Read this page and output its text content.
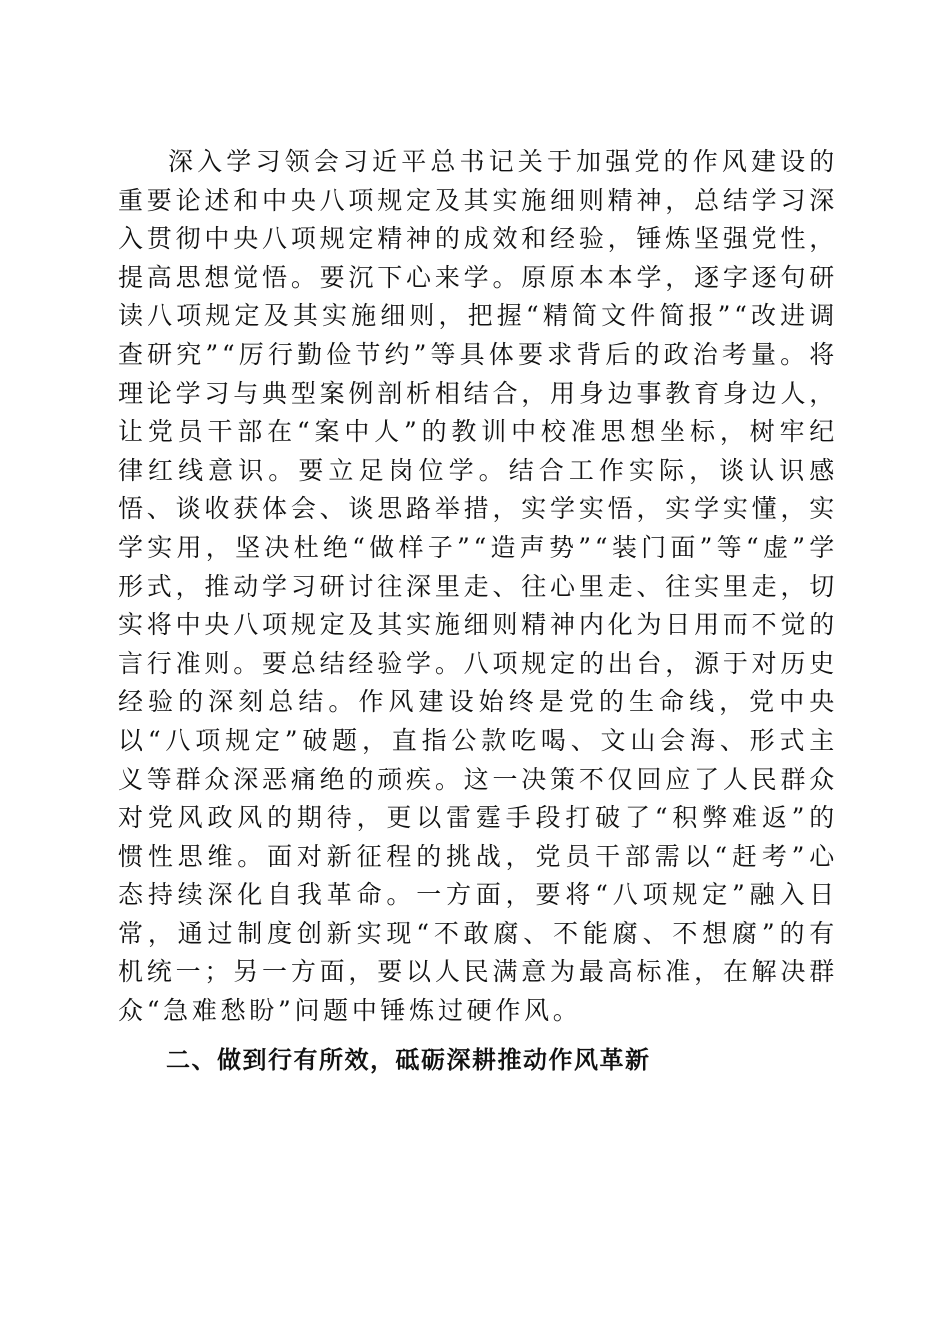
深入学习领会习近平总书记关于加强党的作风建设的重要论述和中央八项规定及其实施细则精神，总结学习深入贯彻中央八项规定精神的成效和经验，锤炼坚强党性，提高思想觉悟。要沉下心来学。原原本本学，逐字逐句研读八项规定及其实施细则，把握“精简文件简报”“改进调查研究”“厉行勤俭节约”等具体要求背后的政治考量。将理论学习与典型案例剖析相结合，用身边事教育身边人，让党员干部在“案中人”的教训中校准思想坐标，树牢纪律红线意识。要立足岗位学。结合工作实际，谈认识感悟、谈收获体会、谈思路举措，实学实悟，实学实懂，实学实用，坚决杜绝“做样子”“造声势”“装门面”等“虚”学形式，推动学习研讨往深里走、往心里走、往实里走，切实将中央八项规定及其实施细则精神内化为日用而不觉的言行准则。要总结经验学。八项规定的出台，源于对历史经验的深刻总结。作风建设始终是党的生命线，党中央以“八项规定”破题，直指公款吃喝、文山会海、形式主义等群众深恶痛绝的顽疾。这一决策不仅回应了人民群众对党风政风的期待，更以雷霆手段打破了“积弊难返”的惯性思维。面对新征程的挑战，党员干部需以“赶考”心态持续深化自我革命。一方面，要将“八项规定”融入日常，通过制度创新实现“不敢腐、不能腐、不想腐”的有机统一；另一方面，要以人民满意为最高标准，在解决群众“急难愁盼”问题中锤炼过硬作风。

二、做到行有所效，砥砺深耕推动作风革新
